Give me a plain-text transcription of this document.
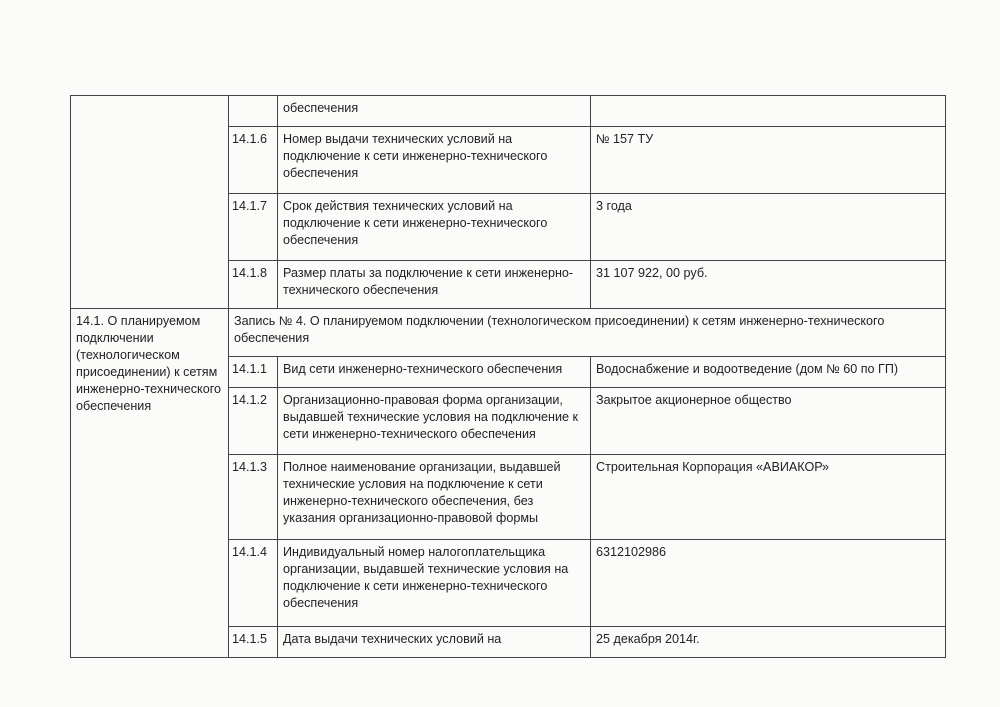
		обеспечения	
	14.1.6	Номер выдачи технических условий на подключение к сети инженерно-технического обеспечения	№ 157 ТУ
	14.1.7	Срок действия технических условий на подключение к сети инженерно-технического обеспечения	3 года
	14.1.8	Размер платы за подключение к сети инженерно-технического обеспечения	31 107 922, 00 руб.
14.1. О планируемом подключении (технологическом присоединении) к сетям инженерно-технического обеспечения	Запись № 4. О планируемом подключении (технологическом присоединении) к сетям инженерно-технического обеспечения		
	14.1.1	Вид сети инженерно-технического обеспечения	Водоснабжение и водоотведение (дом № 60 по ГП)
	14.1.2	Организационно-правовая форма организации, выдавшей технические условия на подключение к сети инженерно-технического обеспечения	Закрытое акционерное общество
	14.1.3	Полное наименование организации, выдавшей технические условия на подключение к сети инженерно-технического обеспечения, без указания организационно-правовой формы	Строительная Корпорация «АВИАКОР»
	14.1.4	Индивидуальный номер налогоплательщика организации, выдавшей технические условия на подключение к сети инженерно-технического обеспечения	6312102986
	14.1.5	Дата выдачи технических условий на	25 декабря 2014г.
